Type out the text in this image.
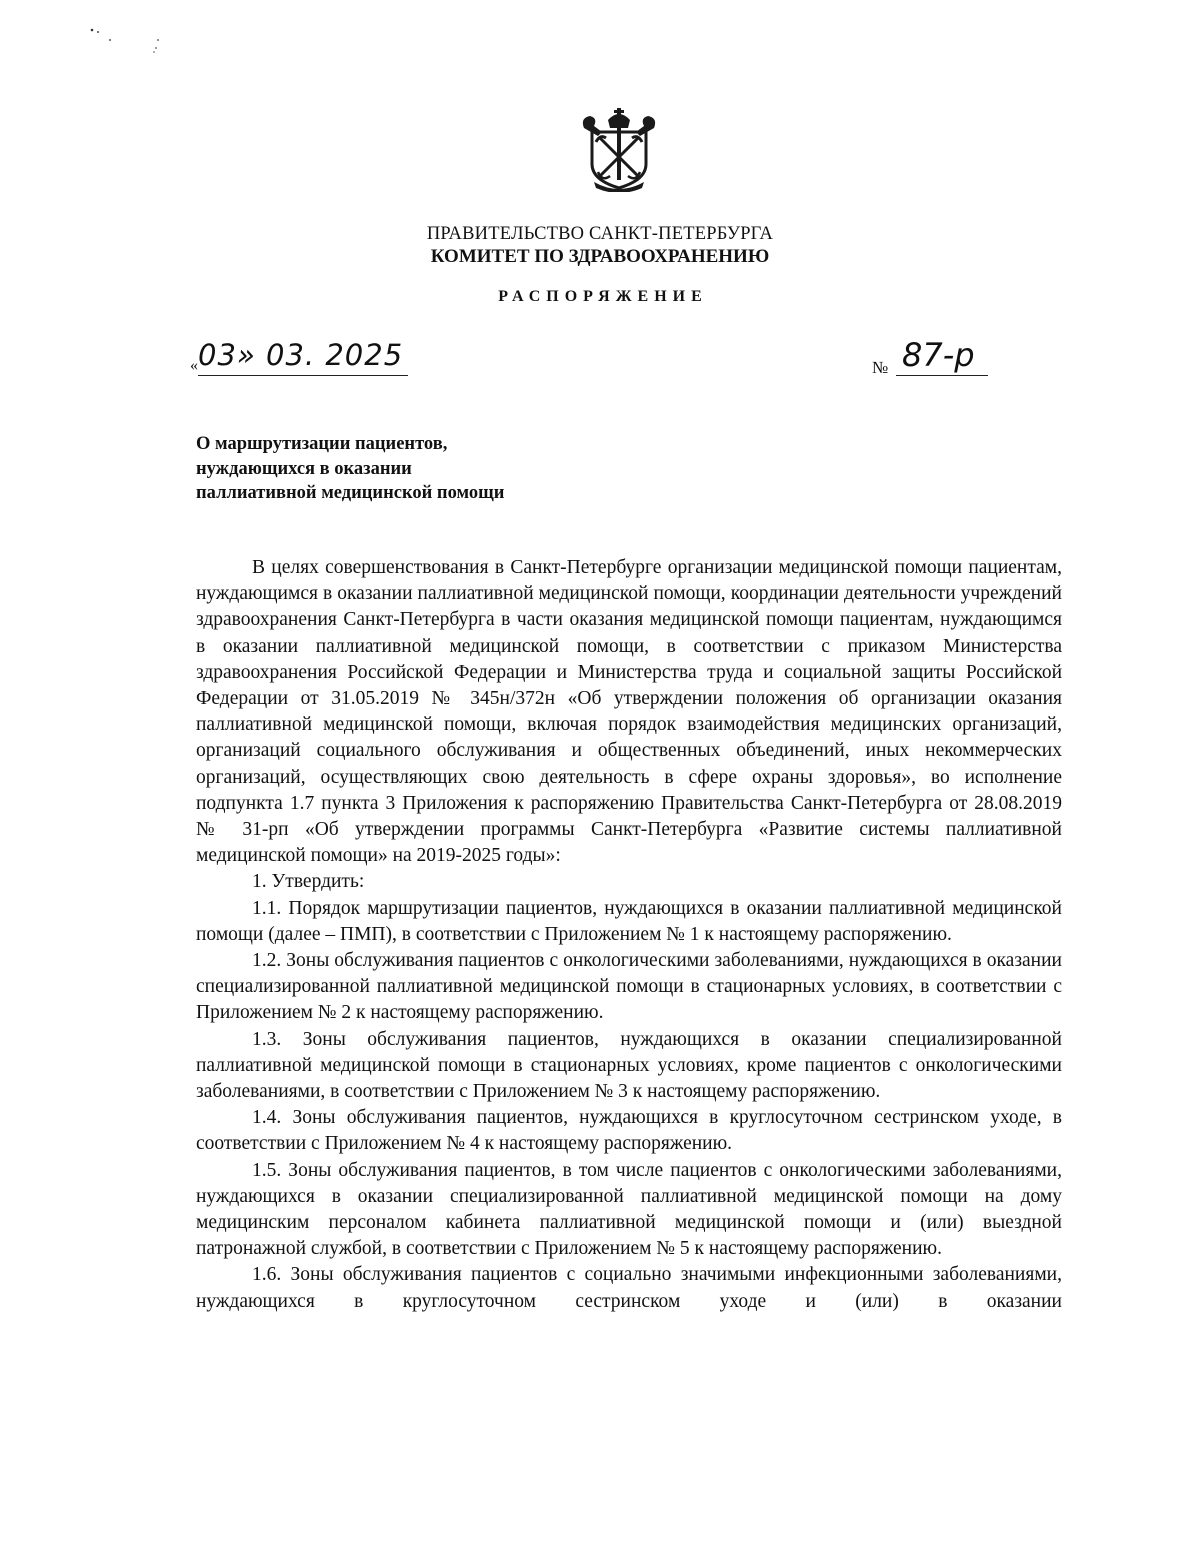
ПРАВИТЕЛЬСТВО САНКТ-ПЕТЕРБУРГА
КОМИТЕТ ПО ЗДРАВООХРАНЕНИЮ
РАСПОРЯЖЕНИЕ
« 03» 03. 2025	№ 87-р
О маршрутизации пациентов,
нуждающихся в оказании
паллиативной медицинской помощи

В целях совершенствования в Санкт-Петербурге организации медицинской помощи пациентам, нуждающимся в оказании паллиативной медицинской помощи, координации деятельности учреждений здравоохранения Санкт-Петербурга в части оказания медицинской помощи пациентам, нуждающимся в оказании паллиативной медицинской помощи, в соответствии с приказом Министерства здравоохранения Российской Федерации и Министерства труда и социальной защиты Российской Федерации от 31.05.2019 № 345н/372н «Об утверждении положения об организации оказания паллиативной медицинской помощи, включая порядок взаимодействия медицинских организаций, организаций социального обслуживания и общественных объединений, иных некоммерческих организаций, осуществляющих свою деятельность в сфере охраны здоровья», во исполнение подпункта 1.7 пункта 3 Приложения к распоряжению Правительства Санкт-Петербурга от 28.08.2019 № 31-рп «Об утверждении программы Санкт-Петербурга «Развитие системы паллиативной медицинской помощи» на 2019-2025 годы»:

1. Утвердить:

1.1. Порядок маршрутизации пациентов, нуждающихся в оказании паллиативной медицинской помощи (далее – ПМП), в соответствии с Приложением № 1 к настоящему распоряжению.

1.2. Зоны обслуживания пациентов с онкологическими заболеваниями, нуждающихся в оказании специализированной паллиативной медицинской помощи в стационарных условиях, в соответствии с Приложением № 2 к настоящему распоряжению.

1.3. Зоны обслуживания пациентов, нуждающихся в оказании специализированной паллиативной медицинской помощи в стационарных условиях, кроме пациентов с онкологическими заболеваниями, в соответствии с Приложением № 3 к настоящему распоряжению.

1.4. Зоны обслуживания пациентов, нуждающихся в круглосуточном сестринском уходе, в соответствии с Приложением № 4 к настоящему распоряжению.

1.5. Зоны обслуживания пациентов, в том числе пациентов с онкологическими заболеваниями, нуждающихся в оказании специализированной паллиативной медицинской помощи на дому медицинским персоналом кабинета паллиативной медицинской помощи и (или) выездной патронажной службой, в соответствии с Приложением № 5 к настоящему распоряжению.

1.6. Зоны обслуживания пациентов с социально значимыми инфекционными заболеваниями, нуждающихся в круглосуточном сестринском уходе и (или) в оказании
